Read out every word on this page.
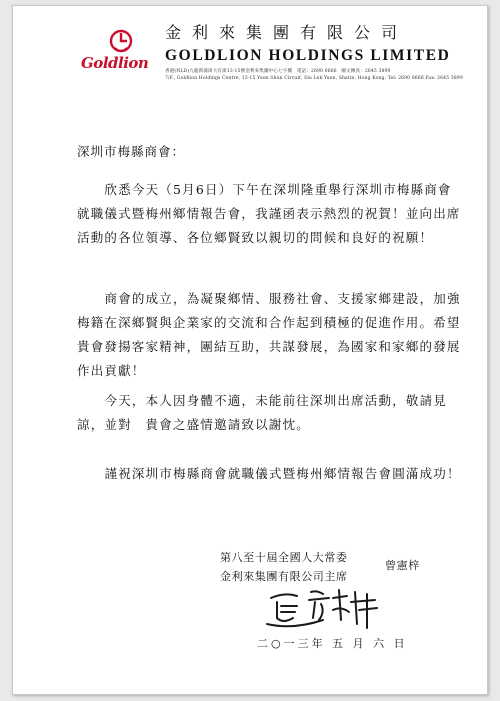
Goldlion
金利來集團有限公司
GOLDLION HOLDINGS LIMITED
香港(NLD)九龍新蒲崗大有街13-15號金利來集團中心七字樓　電話：2690 0666　圖文傳真：2645 3899
7/F., Goldlion Holdings Centre, 13-15 Yuen Shun Circuit, Siu Lek Yuen, Shatin, Hong Kong. Tel: 2690 0666 Fax: 2645 3899
深圳市梅縣商會：

欣悉今天（5月6日）下午在深圳隆重舉行深圳市梅縣商會就職儀式暨梅州鄉情報告會，我謹函表示熱烈的祝賀！並向出席活動的各位領導、各位鄉賢致以親切的問候和良好的祝願！

商會的成立，為凝聚鄉情、服務社會、支援家鄉建設，加強梅籍在深鄉賢與企業家的交流和合作起到積極的促進作用。希望　貴會發揚客家精神，團結互助，共謀發展，為國家和家鄉的發展作出貢獻！

今天，本人因身體不適，未能前往深圳出席活動，敬請見諒，並對　貴會之盛情邀請致以謝忱。

謹祝深圳市梅縣商會就職儀式暨梅州鄉情報告會圓滿成功！

第八至十屆全國人大常委
金利來集團有限公司主席
曾憲梓
二○一三年 五 月 六 日
